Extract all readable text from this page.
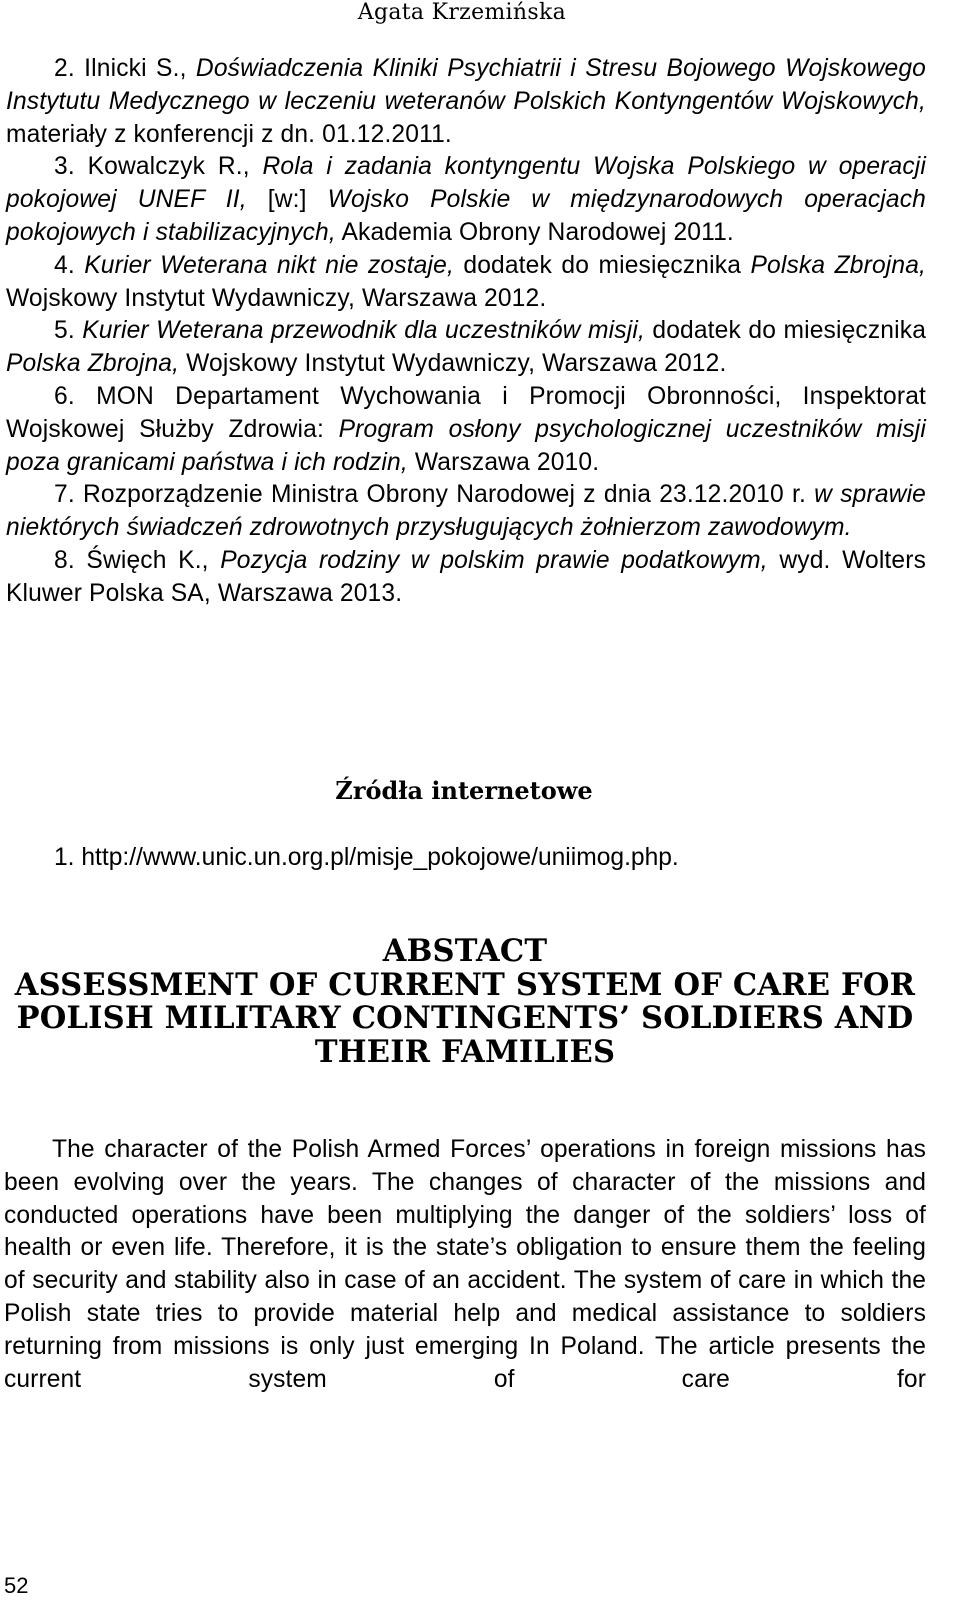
Agata Krzemińska

2. Ilnicki S., Doświadczenia Kliniki Psychiatrii i Stresu Bojowego Wojskowego Instytutu Medycznego w leczeniu weteranów Polskich Kontyngentów Wojskowych, materiały z konferencji z dn. 01.12.2011.

3. Kowalczyk R., Rola i zadania kontyngentu Wojska Polskiego w operacji pokojowej UNEF II, [w:] Wojsko Polskie w międzynarodowych operacjach pokojowych i stabilizacyjnych, Akademia Obrony Narodowej 2011.

4. Kurier Weterana nikt nie zostaje, dodatek do miesięcznika Polska Zbrojna, Wojskowy Instytut Wydawniczy, Warszawa 2012.

5. Kurier Weterana przewodnik dla uczestników misji, dodatek do miesięcznika Polska Zbrojna, Wojskowy Instytut Wydawniczy, Warszawa 2012.

6. MON Departament Wychowania i Promocji Obronności, Inspektorat Wojskowej Służby Zdrowia: Program osłony psychologicznej uczestników misji poza granicami państwa i ich rodzin, Warszawa 2010.

7. Rozporządzenie Ministra Obrony Narodowej z dnia 23.12.2010 r. w sprawie niektórych świadczeń zdrowotnych przysługujących żołnierzom zawodowym.

8. Święch K., Pozycja rodziny w polskim prawie podatkowym, wyd. Wolters Kluwer Polska SA, Warszawa 2013.

Źródła internetowe

1. http://www.unic.un.org.pl/misje_pokojowe/uniimog.php.

ABSTACT
ASSESSMENT OF CURRENT SYSTEM OF CARE FOR
POLISH MILITARY CONTINGENTS’ SOLDIERS AND
THEIR FAMILIES

The character of the Polish Armed Forces’ operations in foreign missions has been evolving over the years. The changes of character of the missions and conducted operations have been multiplying the danger of the soldiers’ loss of health or even life. Therefore, it is the state’s obligation to ensure them the feeling of security and stability also in case of an accident. The system of care in which the Polish state tries to provide material help and medical assistance to soldiers returning from missions is only just emerging In Poland. The article presents the current system of care for

52
